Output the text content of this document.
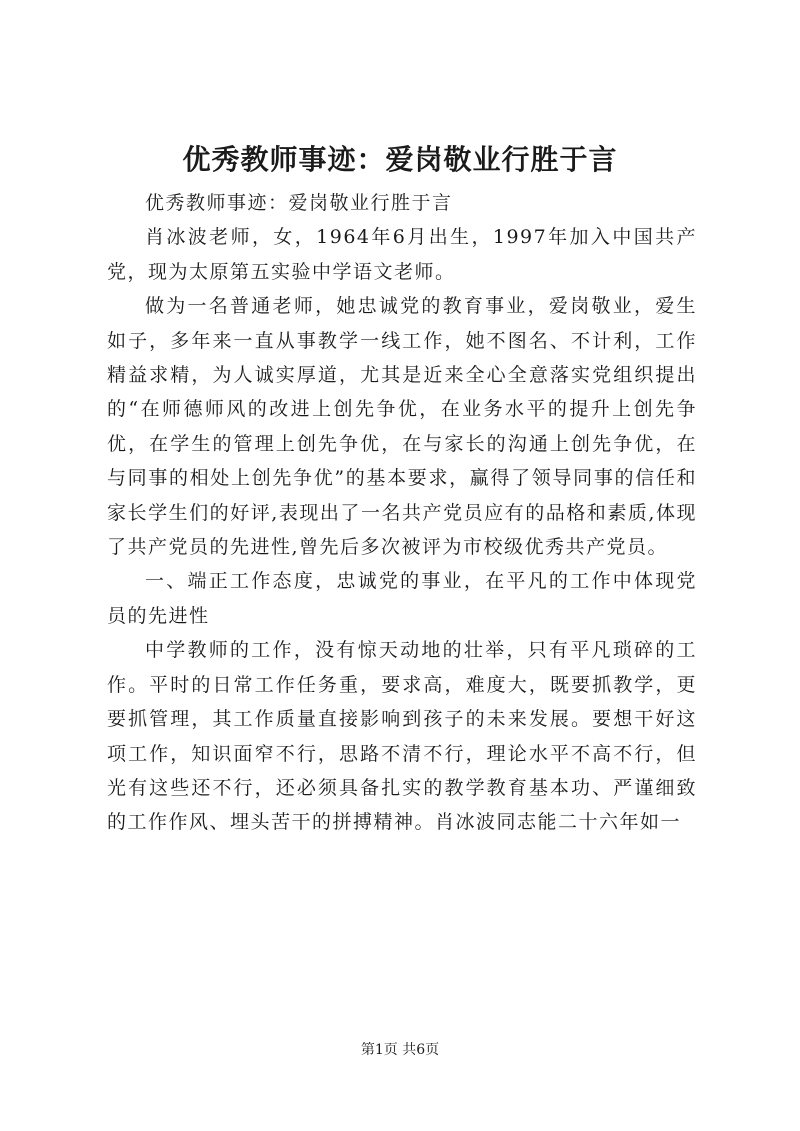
优秀教师事迹：爱岗敬业行胜于言

优秀教师事迹：爱岗敬业行胜于言

肖冰波老师，女，1964年6月出生，1997年加入中国共产党，现为太原第五实验中学语文老师。

做为一名普通老师，她忠诚党的教育事业，爱岗敬业，爱生如子，多年来一直从事教学一线工作，她不图名、不计利，工作精益求精，为人诚实厚道，尤其是近来全心全意落实党组织提出的“在师德师风的改进上创先争优，在业务水平的提升上创先争优，在学生的管理上创先争优，在与家长的沟通上创先争优，在与同事的相处上创先争优”的基本要求，赢得了领导同事的信任和家长学生们的好评,表现出了一名共产党员应有的品格和素质,体现了共产党员的先进性,曾先后多次被评为市校级优秀共产党员。

一、端正工作态度，忠诚党的事业，在平凡的工作中体现党员的先进性

中学教师的工作，没有惊天动地的壮举，只有平凡琐碎的工作。平时的日常工作任务重，要求高，难度大，既要抓教学，更要抓管理，其工作质量直接影响到孩子的未来发展。要想干好这项工作，知识面窄不行，思路不清不行，理论水平不高不行，但光有这些还不行，还必须具备扎实的教学教育基本功、严谨细致的工作作风、埋头苦干的拼搏精神。肖冰波同志能二十六年如一

第1页 共6页
